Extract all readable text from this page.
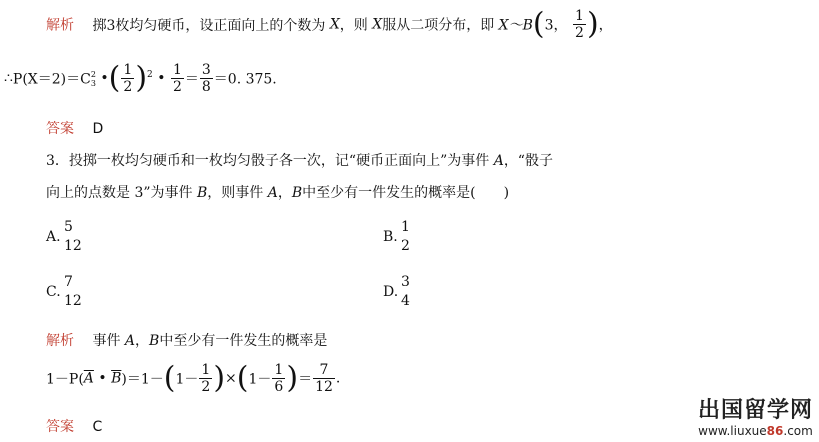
解析 掷3枚均匀硬币，设正面向上的个数为 X，则 X服从二项分布，即 X～B(3， $\frac{1}{2}$ )，
∴P(X＝2)＝C 2
3 •( $\frac{1}{2} )^2$ • $\frac{1}{2} = \frac{3}{8} =0$. 375.
答案 D
3．投掷一枚均匀硬币和一枚均匀骰子各一次，记“硬币正面向上”为事件 A，“骰子
向上的点数是 3”为事件 B，则事件 A，B中至少有一件发生的概率是(　　)
A.
5
12
B.
1
2
C.
7
12
D.
3
4
解析 事件 A，B中至少有一件发生的概率是
$1-P(\overline{A}$ • $\overline{B})=1-(1- \frac{1}{2} )\times(1- \frac{1}{6}$ )＝ $\frac{7}{12}$ .
答案 C
出国留学网
www.liuxue86.com
